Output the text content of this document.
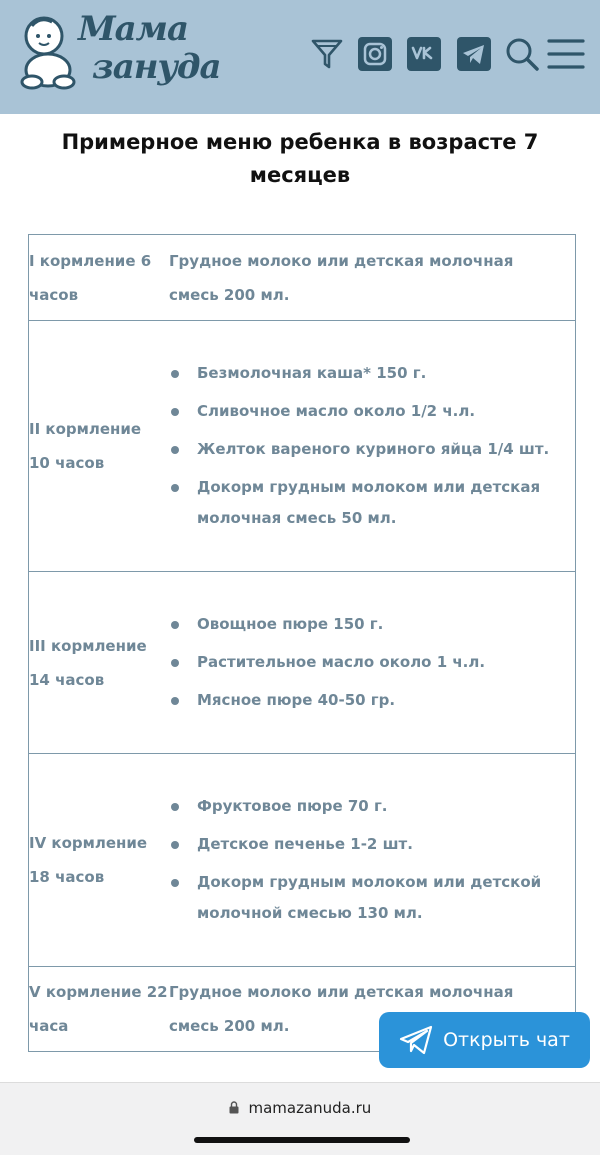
Мама
зануда
Примерное меню ребенка в возрасте 7 месяцев
I кормление 6 часов
Грудное молоко или детская молочная смесь 200 мл.
II кормление 10 часов
Безмолочная каша* 150 г.
Сливочное масло около 1/2 ч.л.
Желток вареного куриного яйца 1/4 шт.
Докорм грудным молоком или детская молочная смесь 50 мл.
III кормление 14 часов
Овощное пюре 150 г.
Растительное масло около 1 ч.л.
Мясное пюре 40-50 гр.
IV кормление 18 часов
Фруктовое пюре 70 г.
Детское печенье 1-2 шт.
Докорм грудным молоком или детской молочной смесью 130 мл.
V кормление 22 часа
Грудное молоко или детская молочная смесь 200 мл.
Открыть чат
mamazanuda.ru
